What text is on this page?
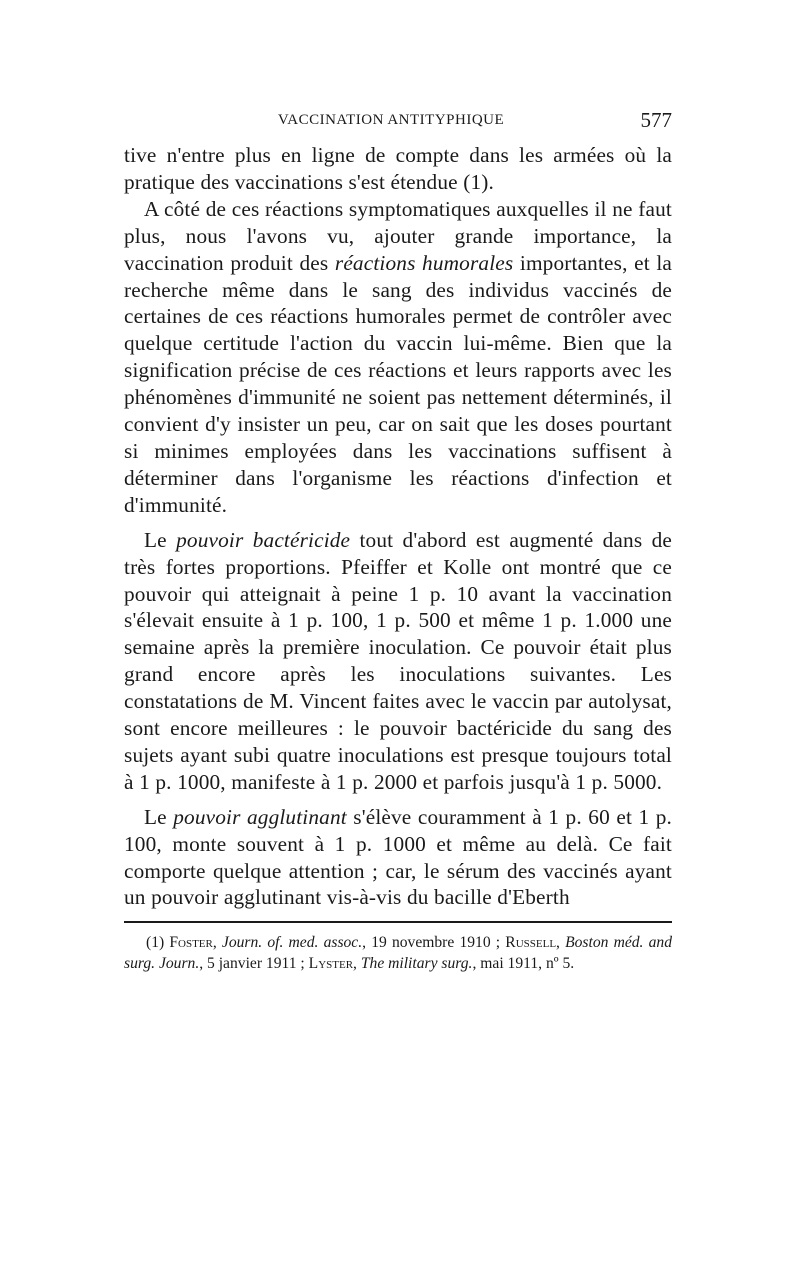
VACCINATION ANTITYPHIQUE	577

tive n'entre plus en ligne de compte dans les armées où la pratique des vaccinations s'est étendue (1).

A côté de ces réactions symptomatiques auxquelles il ne faut plus, nous l'avons vu, ajouter grande importance, la vaccination produit des réactions humorales importantes, et la recherche même dans le sang des individus vaccinés de certaines de ces réactions humorales permet de contrôler avec quelque certitude l'action du vaccin lui-même. Bien que la signification précise de ces réactions et leurs rapports avec les phénomènes d'immunité ne soient pas nettement déterminés, il convient d'y insister un peu, car on sait que les doses pourtant si minimes employées dans les vaccinations suffisent à déterminer dans l'organisme les réactions d'infection et d'immunité.

Le pouvoir bactéricide tout d'abord est augmenté dans de très fortes proportions. Pfeiffer et Kolle ont montré que ce pouvoir qui atteignait à peine 1 p. 10 avant la vaccination s'élevait ensuite à 1 p. 100, 1 p. 500 et même 1 p. 1.000 une semaine après la première inoculation. Ce pouvoir était plus grand encore après les inoculations suivantes. Les constatations de M. Vincent faites avec le vaccin par autolysat, sont encore meilleures : le pouvoir bactéricide du sang des sujets ayant subi quatre inoculations est presque toujours total à 1 p. 1000, manifeste à 1 p. 2000 et parfois jusqu'à 1 p. 5000.

Le pouvoir agglutinant s'élève couramment à 1 p. 60 et 1 p. 100, monte souvent à 1 p. 1000 et même au delà. Ce fait comporte quelque attention ; car, le sérum des vaccinés ayant un pouvoir agglutinant vis-à-vis du bacille d'Eberth

(1) Foster, Journ. of. med. assoc., 19 novembre 1910 ; Russell, Boston méd. and surg. Journ., 5 janvier 1911 ; Lyster, The military surg., mai 1911, nº 5.
